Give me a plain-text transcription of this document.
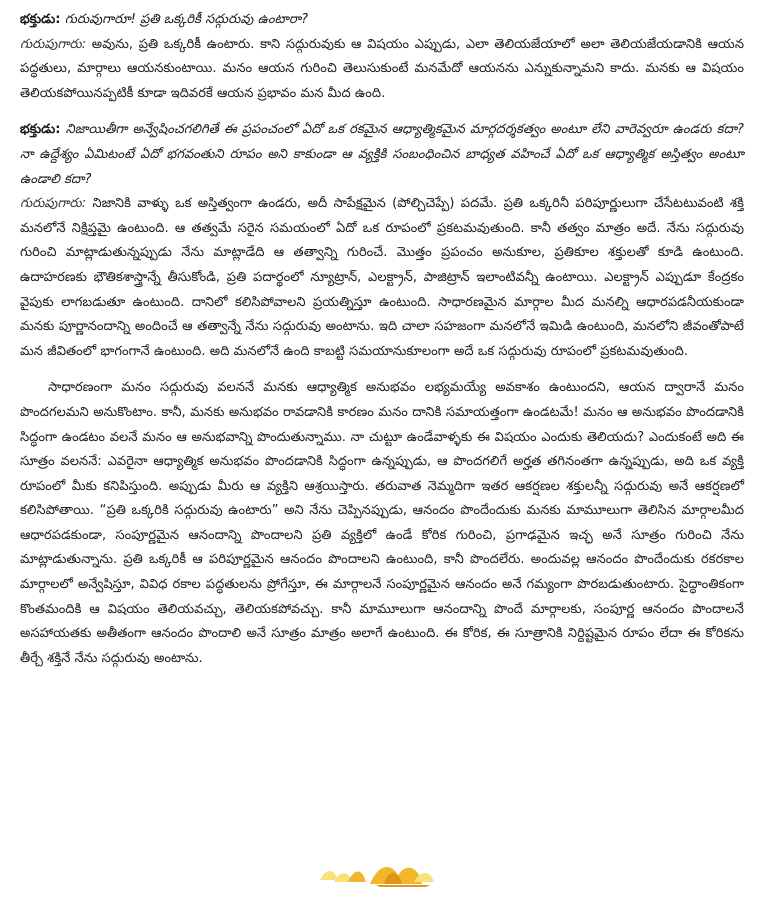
భక్తుడు: గురువుగారూ! ప్రతి ఒక్కరికీ సద్గురువు ఉంటారా?

గురుపుగారు: అవును, ప్రతి ఒక్కరికీ ఉంటారు. కాని సద్గురువుకు ఆ విషయం ఎప్పుడు, ఎలా తెలియజేయాలో అలా తెలియజేయడానికి ఆయన పద్ధతులు, మార్గాలు ఆయనకుంటాయి. మనం ఆయన గురించి తెలుసుకుంటే మనమేదో ఆయనను ఎన్నుకున్నామని కాదు. మనకు ఆ విషయం తెలియకపోయినప్పటికీ కూడా ఇదివరకే ఆయన ప్రభావం మన మీద ఉంది.

భక్తుడు: నిజాయితీగా అన్వేషించగలిగితే ఈ ప్రపంచంలో ఏదో ఒక రకమైన ఆధ్యాత్మికమైన మార్గదర్శకత్వం అంటూ లేని వారెవ్వరూ ఉండరు కదా? నా ఉద్దేశ్యం ఏమిటంటే ఏదో భగవంతుని రూపం అని కాకుండా ఆ వ్యక్తికి సంబంధించిన బాధ్యత వహించే ఏదో ఒక ఆధ్యాత్మిక అస్తిత్వం అంటూ ఉండాలి కదా?

గురుపుగారు: నిజానికి వాళ్ళు ఒక అస్తిత్వంగా ఉండరు, అదీ సాపేక్షమైన (పోల్చిచెప్పే) పదమే. ప్రతి ఒక్కరినీ పరిపూర్ణులుగా చేసేటటువంటి శక్తి మనలోనే నిక్షిప్తమై ఉంటుంది. ఆ తత్వమే సరైన సమయంలో ఏదో ఒక రూపంలో ప్రకటమవుతుంది. కానీ తత్వం మాత్రం అదే. నేను సద్గురువు గురించి మాట్లాడుతున్నప్పుడు నేను మాట్లాడేది ఆ తత్వాన్ని గురించే. మొత్తం ప్రపంచం అనుకూల, ప్రతికూల శక్తులతో కూడి ఉంటుంది. ఉదాహరణకు భౌతికశాస్త్రాన్నే తీసుకోండి, ప్రతి పదార్థంలో న్యూట్రాన్, ఎలక్ట్రాన్, పాజిట్రాన్ ఇలాంటివన్నీ ఉంటాయి. ఎలక్ట్రాన్ ఎప్పుడూ కేంద్రకం వైపుకు లాగబడుతూ ఉంటుంది. దానిలో కలిసిపోవాలని ప్రయత్నిస్తూ ఉంటుంది. సాధారణమైన మార్గాల మీద మనల్ని ఆధారపడనీయకుండా మనకు పూర్ణానందాన్ని అందించే ఆ తత్వాన్నే నేను సద్గురువు అంటాను. ఇది చాలా సహజంగా మనలోనే ఇమిడి ఉంటుంది, మనలోని జీవంతోపాటే మన జీవితంలో భాగంగానే ఉంటుంది. అది మనలోనే ఉంది కాబట్టి సమయానుకూలంగా అదే ఒక సద్గురువు రూపంలో ప్రకటమవుతుంది.

సాధారణంగా మనం సద్గురువు వలననే మనకు ఆధ్యాత్మిక అనుభవం లభ్యమయ్యే అవకాశం ఉంటుందని, ఆయన ద్వారానే మనం పొందగలమని అనుకొంటాం. కానీ, మనకు అనుభవం రావడానికి కారణం మనం దానికి సమాయత్తంగా ఉండటమే! మనం ఆ అనుభవం పొందడానికి సిద్ధంగా ఉండటం వలనే మనం ఆ అనుభవాన్ని పొందుతున్నాము. నా చుట్టూ ఉండేవాళ్ళకు ఈ విషయం ఎందుకు తెలియదు? ఎందుకంటే అది ఈ సూత్రం వలననే: ఎవరైనా ఆధ్యాత్మిక అనుభవం పొందడానికి సిద్ధంగా ఉన్నప్పుడు, ఆ పొందగలిగే అర్హత తగినంతగా ఉన్నప్పుడు, అది ఒక వ్యక్తి రూపంలో మీకు కనిపిస్తుంది. అప్పుడు మీరు ఆ వ్యక్తిని ఆశ్రయిస్తారు. తరువాత నెమ్మదిగా ఇతర ఆకర్షణల శక్తులన్నీ సద్గురువు అనే ఆకర్షణలో కలిసిపోతాయి. “ప్రతి ఒక్కరికి సద్గురువు ఉంటారు” అని నేను చెప్పినప్పుడు, ఆనందం పొందేందుకు మనకు మామూలుగా తెలిసిన మార్గాలమీద ఆధారపడకుండా, సంపూర్ణమైన ఆనందాన్ని పొందాలని ప్రతి వ్యక్తిలో ఉండే కోరిక గురించి, ప్రగాఢమైన ఇచ్ఛ అనే సూత్రం గురించి నేను మాట్లాడుతున్నాను. ప్రతి ఒక్కరికీ ఆ పరిపూర్ణమైన ఆనందం పొందాలని ఉంటుంది, కానీ పొందలేరు. అందువల్ల ఆనందం పొందేందుకు రకరకాల మార్గాలలో అన్వేషిస్తూ, వివిధ రకాల పద్ధతులను ప్రోగేస్తూ, ఈ మార్గాలనే సంపూర్ణమైన ఆనందం అనే గమ్యంగా పొరబడుతుంటారు. సైద్ధాంతికంగా కొంతమందికి ఆ విషయం తెలియవచ్చు, తెలియకపోవచ్చు. కానీ మామూలుగా ఆనందాన్ని పొందే మార్గాలకు, సంపూర్ణ ఆనందం పొందాలనే అసహాయతకు అతీతంగా ఆనందం పొందాలి అనే సూత్రం మాత్రం అలాగే ఉంటుంది. ఈ కోరిక, ఈ సూత్రానికి నిర్దిష్టమైన రూపం లేదా ఈ కోరికను తీర్చే శక్తినే నేను సద్గురువు అంటాను.
